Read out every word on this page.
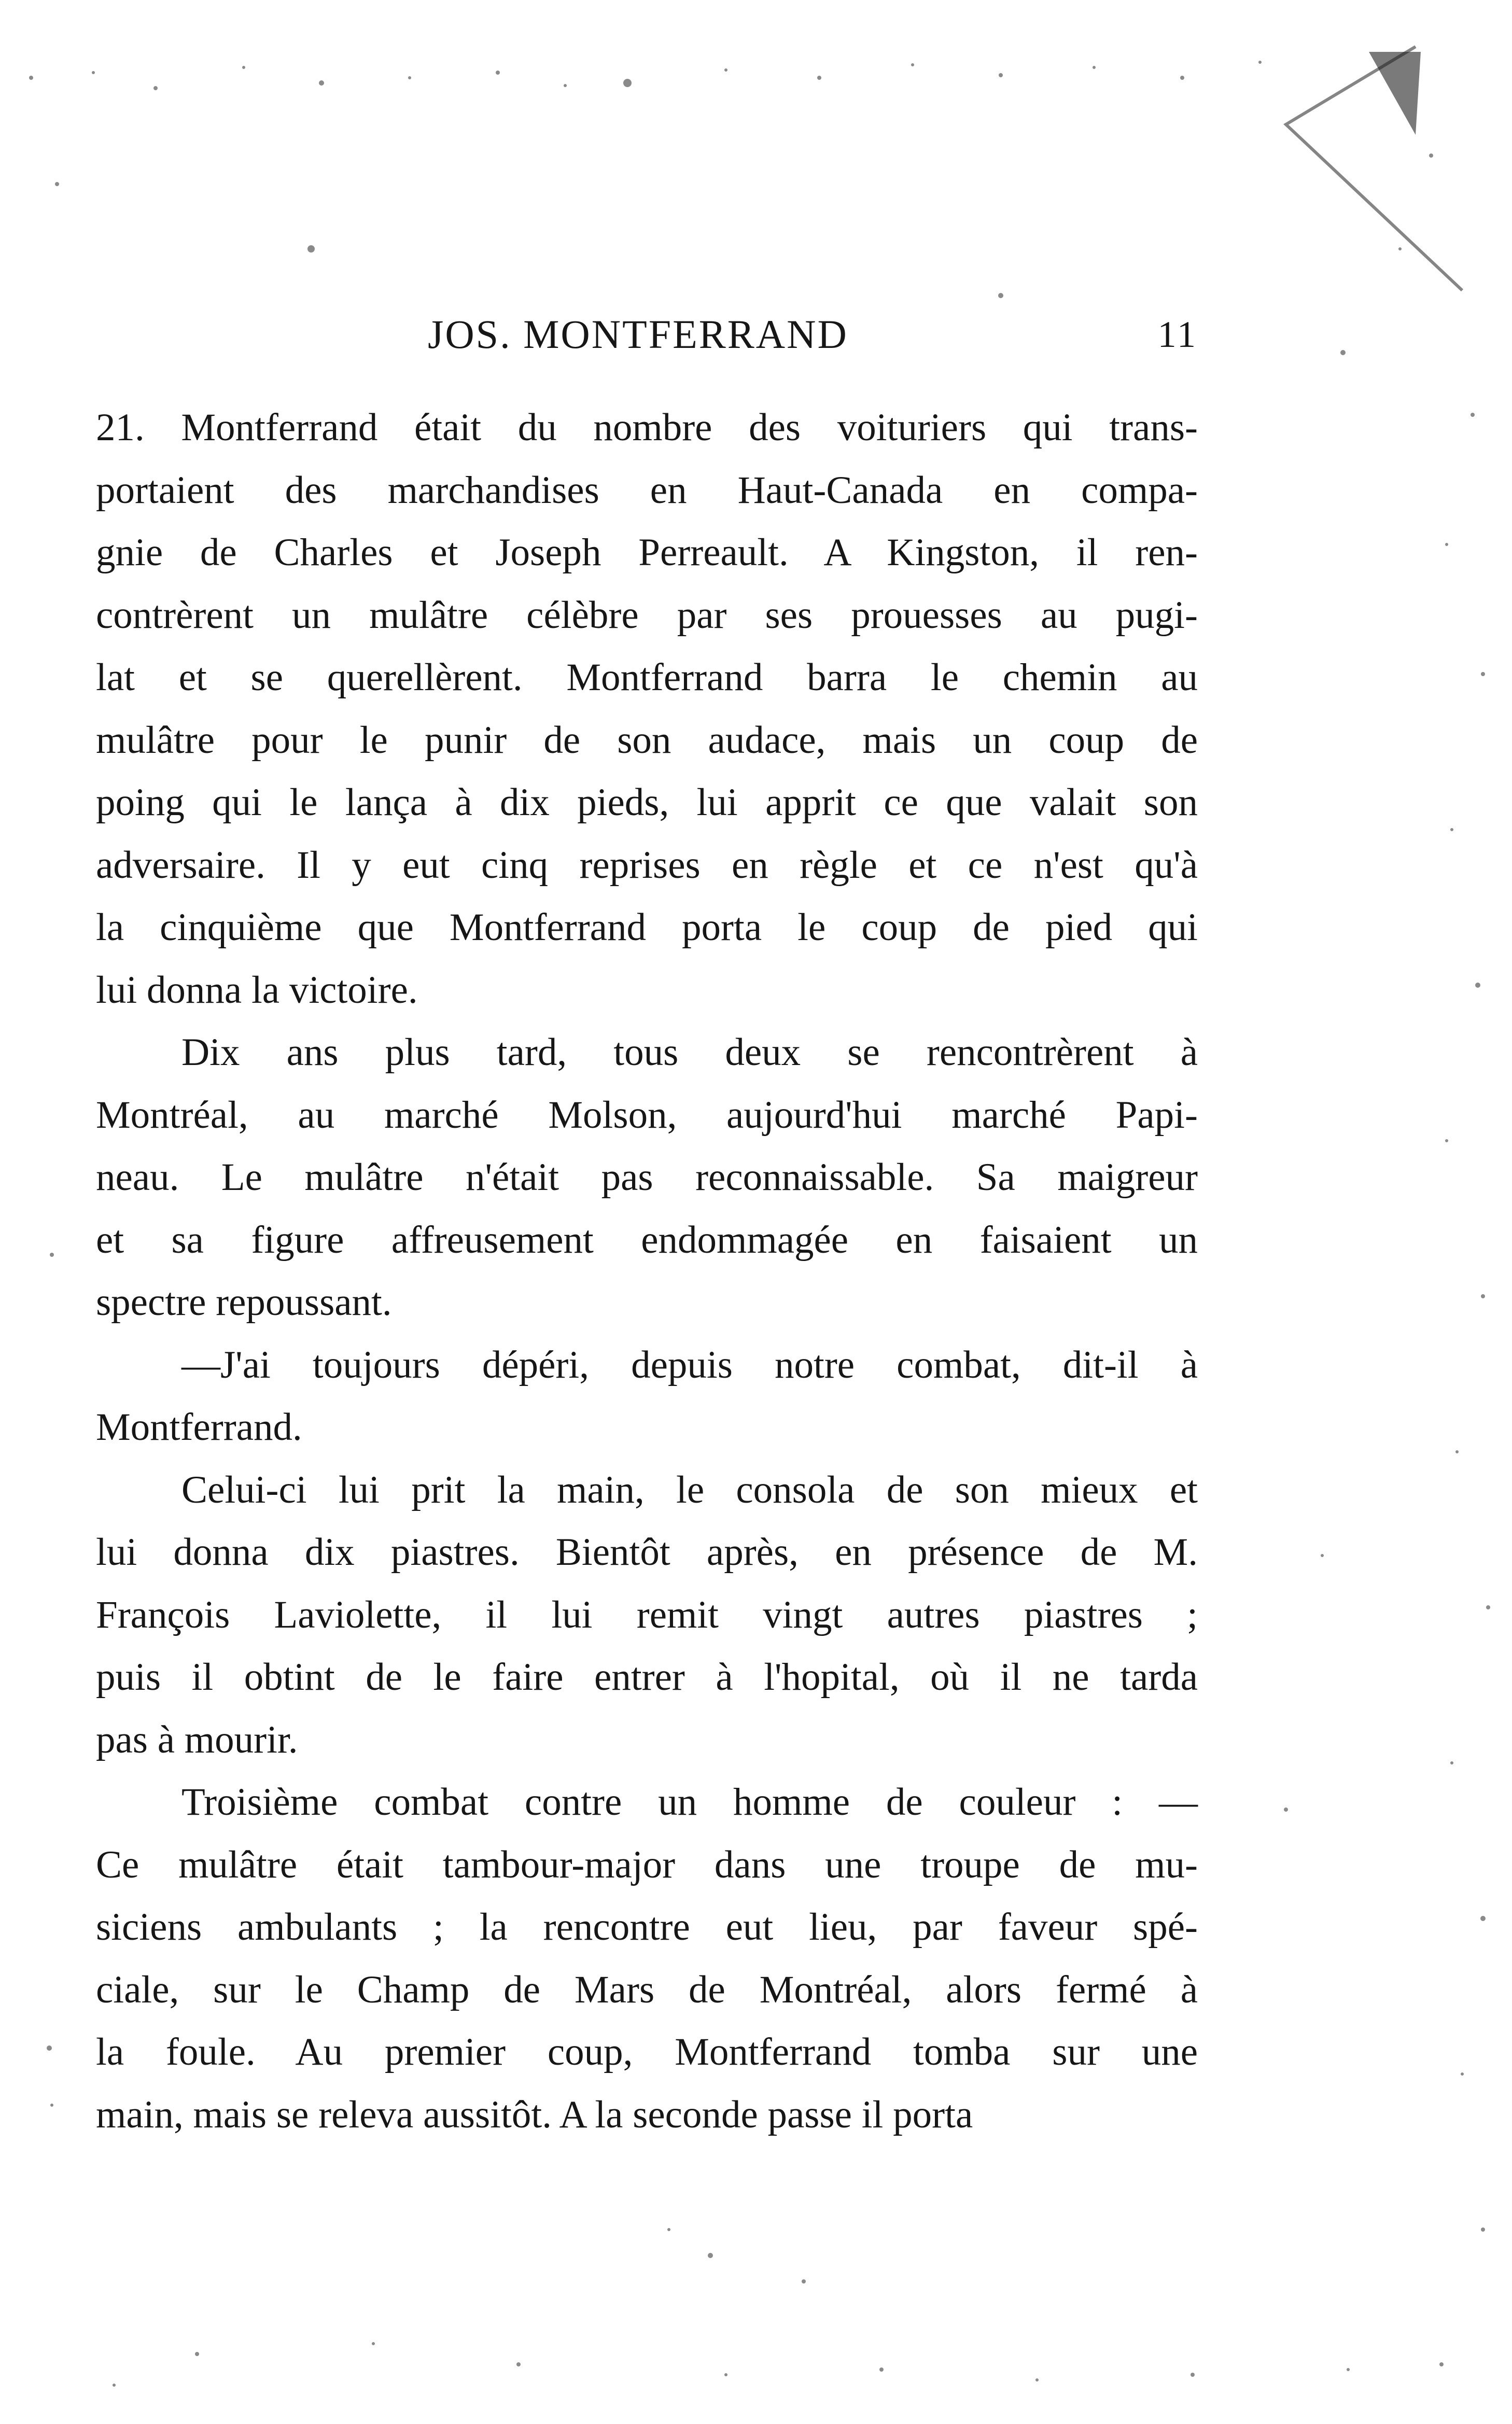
JOS. MONTFERRAND	11
21. Montferrand était du nombre des voituriers qui trans-
portaient des marchandises en Haut-Canada en compa-
gnie de Charles et Joseph Perreault. A Kingston, il ren-
contrèrent un mulâtre célèbre par ses prouesses au pugi-
lat et se querellèrent. Montferrand barra le chemin au
mulâtre pour le punir de son audace, mais un coup de
poing qui le lança à dix pieds, lui apprit ce que valait son
adversaire. Il y eut cinq reprises en règle et ce n'est qu'à
la cinquième que Montferrand porta le coup de pied qui
lui donna la victoire.
Dix ans plus tard, tous deux se rencontrèrent à
Montréal, au marché Molson, aujourd'hui marché Papi-
neau. Le mulâtre n'était pas reconnaissable. Sa maigreur
et sa figure affreusement endommagée en faisaient un
spectre repoussant.
—J'ai toujours dépéri, depuis notre combat, dit-il à
Montferrand.
Celui-ci lui prit la main, le consola de son mieux et
lui donna dix piastres. Bientôt après, en présence de M.
François Laviolette, il lui remit vingt autres piastres ;
puis il obtint de le faire entrer à l'hopital, où il ne tarda
pas à mourir.
Troisième combat contre un homme de couleur : —
Ce mulâtre était tambour-major dans une troupe de mu-
siciens ambulants ; la rencontre eut lieu, par faveur spé-
ciale, sur le Champ de Mars de Montréal, alors fermé à
la foule. Au premier coup, Montferrand tomba sur une
main, mais se releva aussitôt. A la seconde passe il porta
